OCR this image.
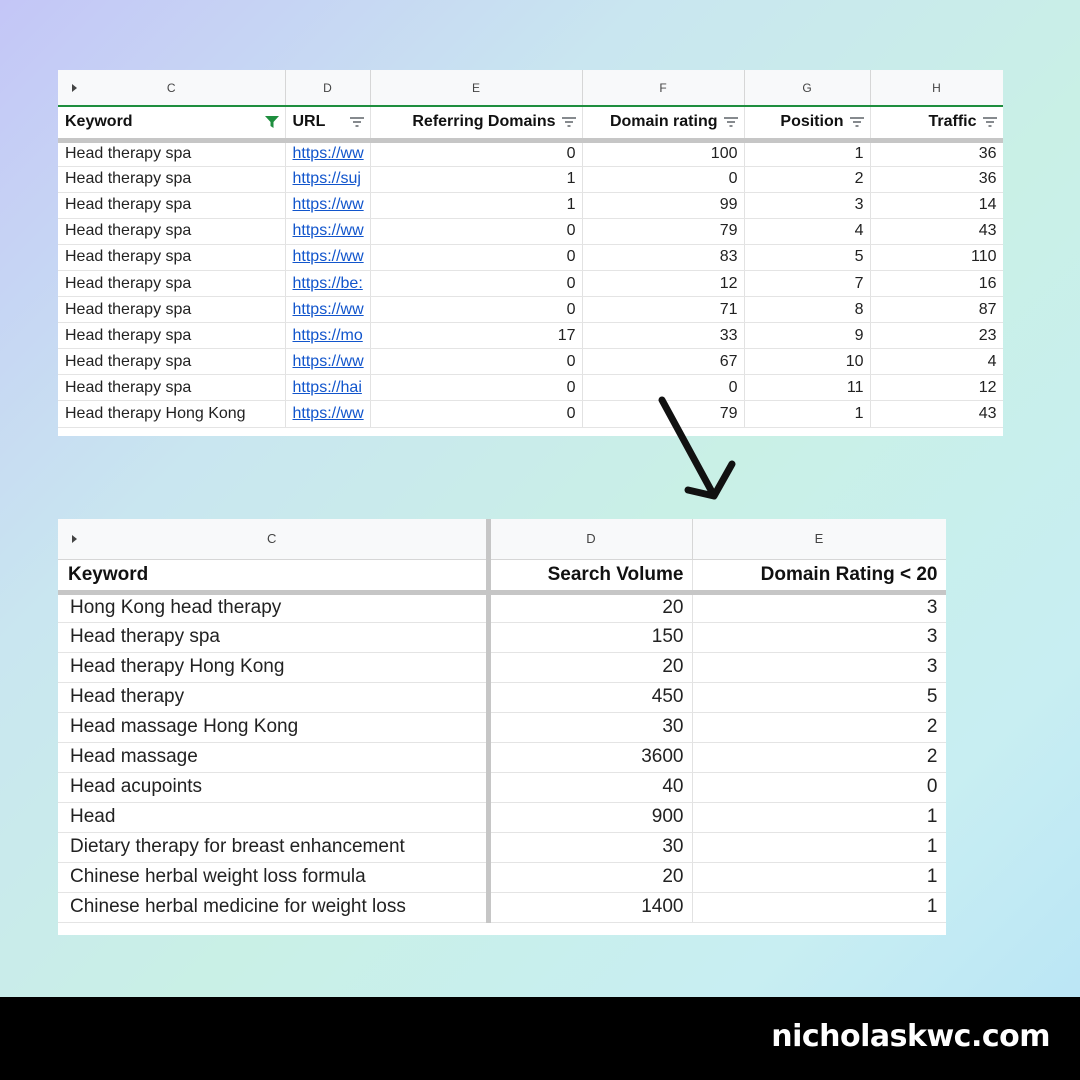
C	D	E	F	G	H

Keyword	URL	Referring Domains	Domain rating	Position	Traffic

Head therapy spa	https://ww	0	100	1	36
Head therapy spa	https://suj	1	0	2	36
Head therapy spa	https://ww	1	99	3	14
Head therapy spa	https://ww	0	79	4	43
Head therapy spa	https://ww	0	83	5	110
Head therapy spa	https://be:	0	12	7	16
Head therapy spa	https://ww	0	71	8	87
Head therapy spa	https://mo	17	33	9	23
Head therapy spa	https://ww	0	67	10	4
Head therapy spa	https://hai	0	0	11	12
Head therapy Hong Kong	https://ww	0	79	1	43
C	D	E
Keyword	Search Volume	Domain Rating < 20
Hong Kong head therapy	20	3
Head therapy spa	150	3
Head therapy Hong Kong	20	3
Head therapy	450	5
Head massage Hong Kong	30	2
Head massage	3600	2
Head acupoints	40	0
Head	900	1
Dietary therapy for breast enhancement	30	1
Chinese herbal weight loss formula	20	1
Chinese herbal medicine for weight loss	1400	1
nicholaskwc.com
